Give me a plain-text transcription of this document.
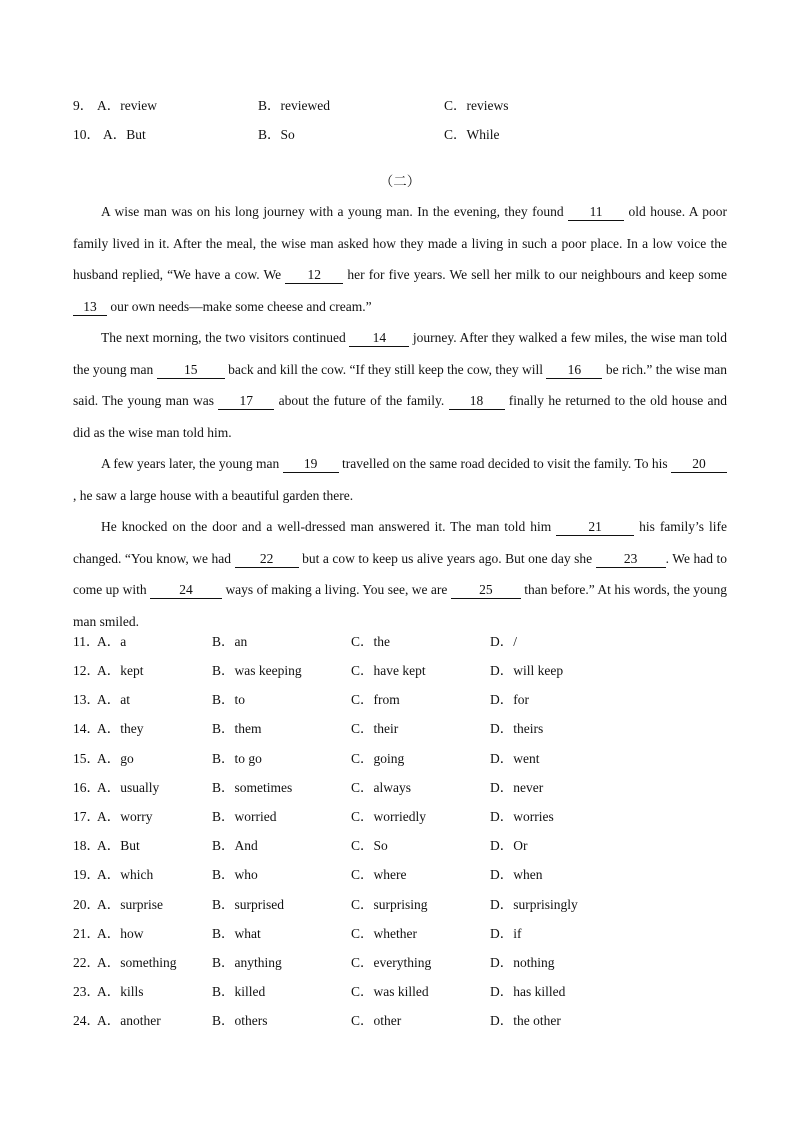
9． A．review	B．reviewed	C．reviews
10． A．But	B．So	C．While
（二）

A wise man was on his long journey with a young man. In the evening, they found 11 old house. A poor family lived in it. After the meal, the wise man asked how they made a living in such a poor place. In a low voice the husband replied, “We have a cow. We 12 her for five years. We sell her milk to our neighbours and keep some 13 our own needs—make some cheese and cream.”

The next morning, the two visitors continued 14 journey. After they walked a few miles, the wise man told the young man 15 back and kill the cow. “If they still keep the cow, they will 16 be rich.” the wise man said. The young man was 17 about the future of the family. 18 finally he returned to the old house and did as the wise man told him.

A few years later, the young man 19 travelled on the same road decided to visit the family. To his 20, he saw a large house with a beautiful garden there.

He knocked on the door and a well-dressed man answered it. The man told him 21 his family’s life changed. “You know, we had 22 but a cow to keep us alive years ago. But one day she 23 . We had to come up with 24 ways of making a living. You see, we are 25 than before.” At his words, the young man smiled.

11．
A．a	B．an	C．the	D．/
12．
A．kept	B．was keeping	C．have kept	D．will keep
13．
A．at	B．to	C．from	D．for
14．
A．they	B．them	C．their	D．theirs
15．
A．go	B．to go	C．going	D．went
16．
A．usually	B．sometimes	C．always	D．never
17．
A．worry	B．worried	C．worriedly	D．worries
18．
A．But	B．And	C．So	D．Or
19．
A．which	B．who	C．where	D．when
20．
A．surprise	B．surprised	C．surprising	D．surprisingly
21．
A．how	B．what	C．whether	D．if
22．
A．something	B．anything	C．everything	D．nothing
23．
A．kills	B．killed	C．was killed	D．has killed
24．
A．another	B．others	C．other	D．the other
